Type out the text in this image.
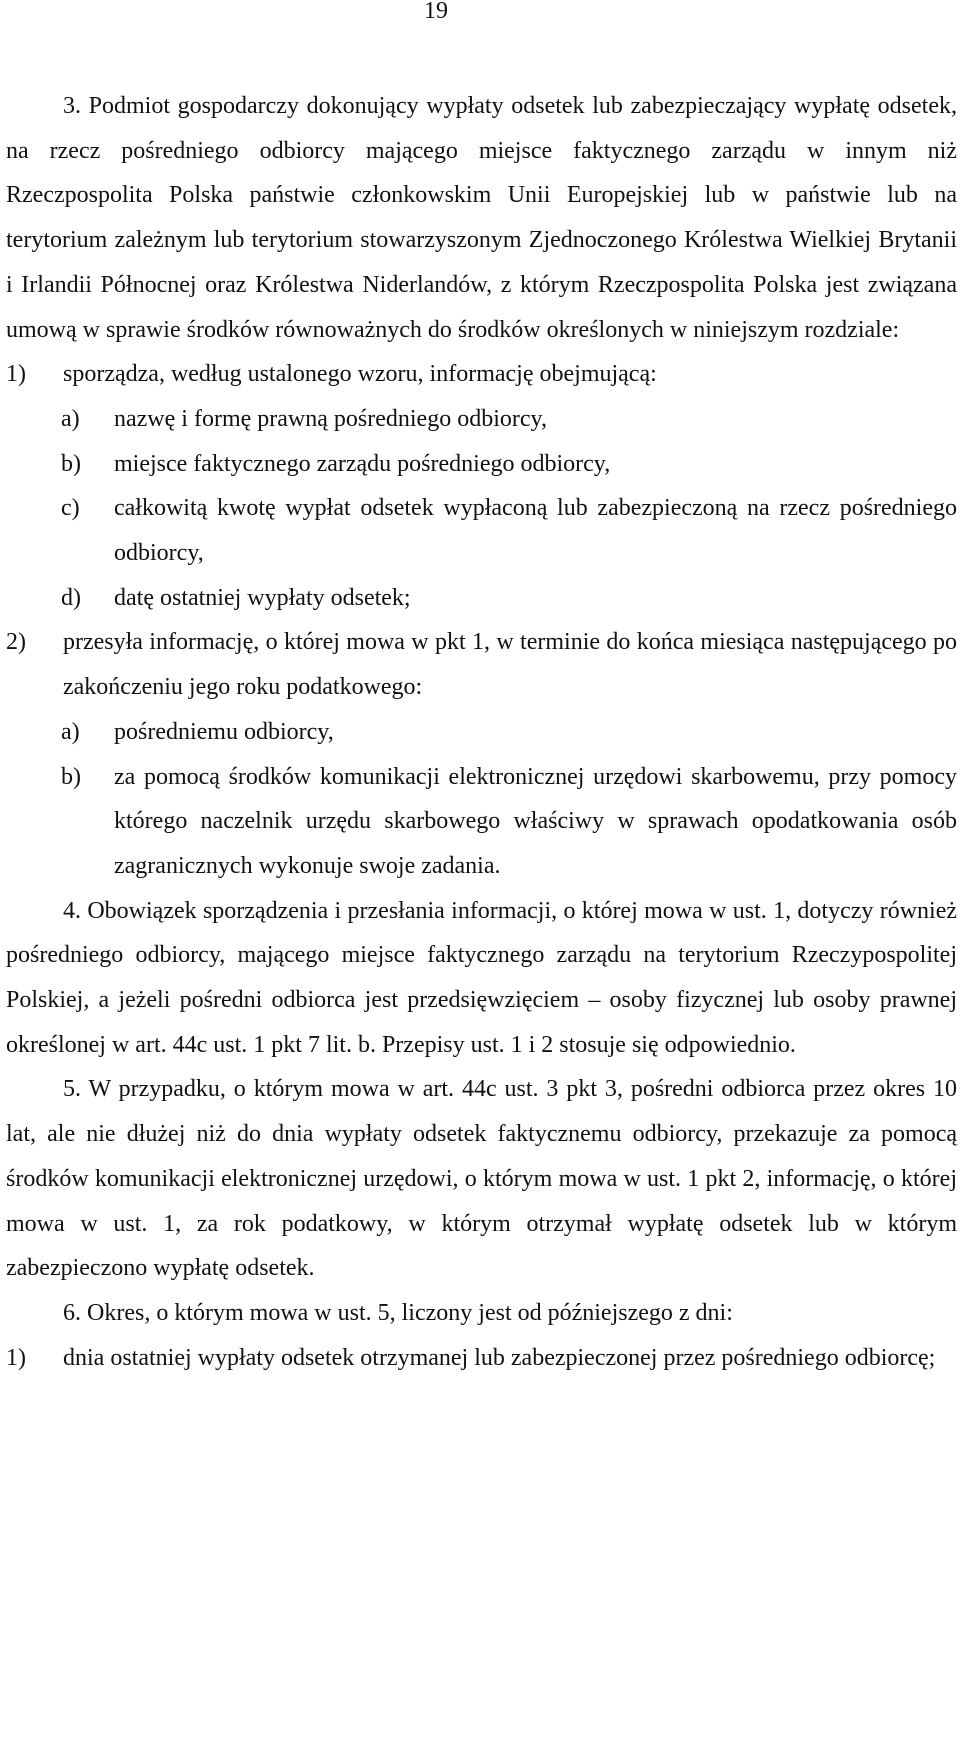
19

3. Podmiot gospodarczy dokonujący wypłaty odsetek lub zabezpieczający wypłatę odsetek, na rzecz pośredniego odbiorcy mającego miejsce faktycznego zarządu w innym niż Rzeczpospolita Polska państwie członkowskim Unii Europejskiej lub w państwie lub na terytorium zależnym lub terytorium stowarzyszonym Zjednoczonego Królestwa Wielkiej Brytanii i Irlandii Północnej oraz Królestwa Niderlandów, z którym Rzeczpospolita Polska jest związana umową w sprawie środków równoważnych do środków określonych w niniejszym rozdziale:

1)	sporządza, według ustalonego wzoru, informację obejmującą:
a)	nazwę i formę prawną pośredniego odbiorcy,
b)	miejsce faktycznego zarządu pośredniego odbiorcy,
c)	całkowitą kwotę wypłat odsetek wypłaconą lub zabezpieczoną na rzecz pośredniego odbiorcy,
d)	datę ostatniej wypłaty odsetek;
2)	przesyła informację, o której mowa w pkt 1, w terminie do końca miesiąca następującego po zakończeniu jego roku podatkowego:
a)	pośredniemu odbiorcy,
b)	za pomocą środków komunikacji elektronicznej urzędowi skarbowemu, przy pomocy którego naczelnik urzędu skarbowego właściwy w sprawach opodatkowania osób zagranicznych wykonuje swoje zadania.

4. Obowiązek sporządzenia i przesłania informacji, o której mowa w ust. 1, dotyczy również pośredniego odbiorcy, mającego miejsce faktycznego zarządu na terytorium Rzeczypospolitej Polskiej, a jeżeli pośredni odbiorca jest przedsięwzięciem – osoby fizycznej lub osoby prawnej określonej w art. 44c ust. 1 pkt 7 lit. b. Przepisy ust. 1 i 2 stosuje się odpowiednio.

5. W przypadku, o którym mowa w art. 44c ust. 3 pkt 3, pośredni odbiorca przez okres 10 lat, ale nie dłużej niż do dnia wypłaty odsetek faktycznemu odbiorcy, przekazuje za pomocą środków komunikacji elektronicznej urzędowi, o którym mowa w ust. 1 pkt 2, informację, o której mowa w ust. 1, za rok podatkowy, w którym otrzymał wypłatę odsetek lub w którym zabezpieczono wypłatę odsetek.

6. Okres, o którym mowa w ust. 5, liczony jest od późniejszego z dni:

1)	dnia ostatniej wypłaty odsetek otrzymanej lub zabezpieczonej przez pośredniego odbiorcę;
